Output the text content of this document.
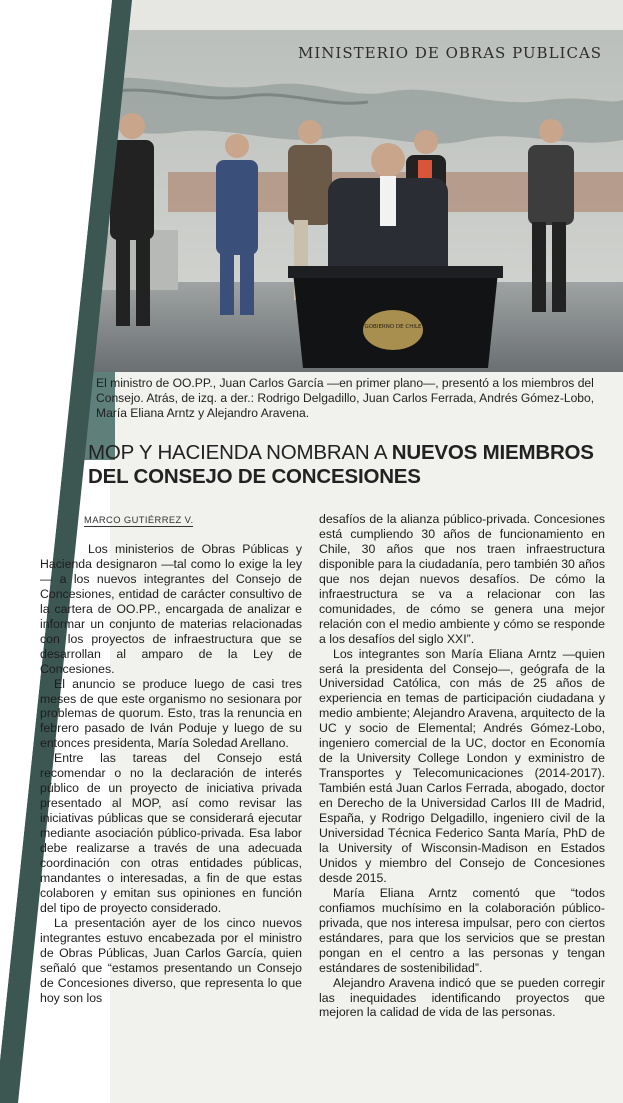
MINISTERIO DE OBRAS PUBLICAS
GOBIERNO DE CHILE
El ministro de OO.PP., Juan Carlos García —en primer plano—, presentó a los miembros del Consejo. Atrás, de izq. a der.: Rodrigo Delgadillo, Juan Carlos Ferrada, Andrés Gómez-Lobo, María Eliana Arntz y Alejandro Aravena.
MOP Y HACIENDA NOMBRAN A NUEVOS MIEMBROS DEL CONSEJO DE CONCESIONES
MARCO GUTIÉRREZ V.

Los ministerios de Obras Públicas y Hacienda designaron —tal como lo exige la ley— a los nuevos integrantes del Consejo de Concesiones, entidad de carácter consultivo de la cartera de OO.PP., encargada de analizar e informar un conjunto de materias relacionadas con los proyectos de infraestructura que se desarrollan al amparo de la Ley de Concesiones.

El anuncio se produce luego de casi tres meses de que este organismo no sesionara por problemas de quorum. Esto, tras la renuncia en febrero pasado de Iván Poduje y luego de su entonces presidenta, María Soledad Arellano.

Entre las tareas del Consejo está recomendar o no la declaración de interés público de un proyecto de iniciativa privada presentado al MOP, así como revisar las iniciativas públicas que se considerará ejecutar mediante asociación público-privada. Esa labor debe realizarse a través de una adecuada coordinación con otras entidades públicas, mandantes o interesadas, a fin de que estas colaboren y emitan sus opiniones en función del tipo de proyecto considerado.

La presentación ayer de los cinco nuevos integrantes estuvo encabezada por el ministro de Obras Públicas, Juan Carlos García, quien señaló que “estamos presentando un Consejo de Concesiones diverso, que representa lo que hoy son los

desafíos de la alianza público-privada. Concesiones está cumpliendo 30 años de funcionamiento en Chile, 30 años que nos traen infraestructura disponible para la ciudadanía, pero también 30 años que nos dejan nuevos desafíos. De cómo la infraestructura se va a relacionar con las comunidades, de cómo se genera una mejor relación con el medio ambiente y cómo se responde a los desafíos del siglo XXI”.

Los integrantes son María Eliana Arntz —quien será la presidenta del Consejo—, geógrafa de la Universidad Católica, con más de 25 años de experiencia en temas de participación ciudadana y medio ambiente; Alejandro Aravena, arquitecto de la UC y socio de Elemental; Andrés Gómez-Lobo, ingeniero comercial de la UC, doctor en Economía de la University College London y exministro de Transportes y Telecomunicaciones (2014-2017). También está Juan Carlos Ferrada, abogado, doctor en Derecho de la Universidad Carlos III de Madrid, España, y Rodrigo Delgadillo, ingeniero civil de la Universidad Técnica Federico Santa María, PhD de la University of Wisconsin-Madison en Estados Unidos y miembro del Consejo de Concesiones desde 2015.

María Eliana Arntz comentó que “todos confiamos muchísimo en la colaboración público-privada, que nos interesa impulsar, pero con ciertos estándares, para que los servicios que se prestan pongan en el centro a las personas y tengan estándares de sostenibilidad”.

Alejandro Aravena indicó que se pueden corregir las inequidades identificando proyectos que mejoren la calidad de vida de las personas.
